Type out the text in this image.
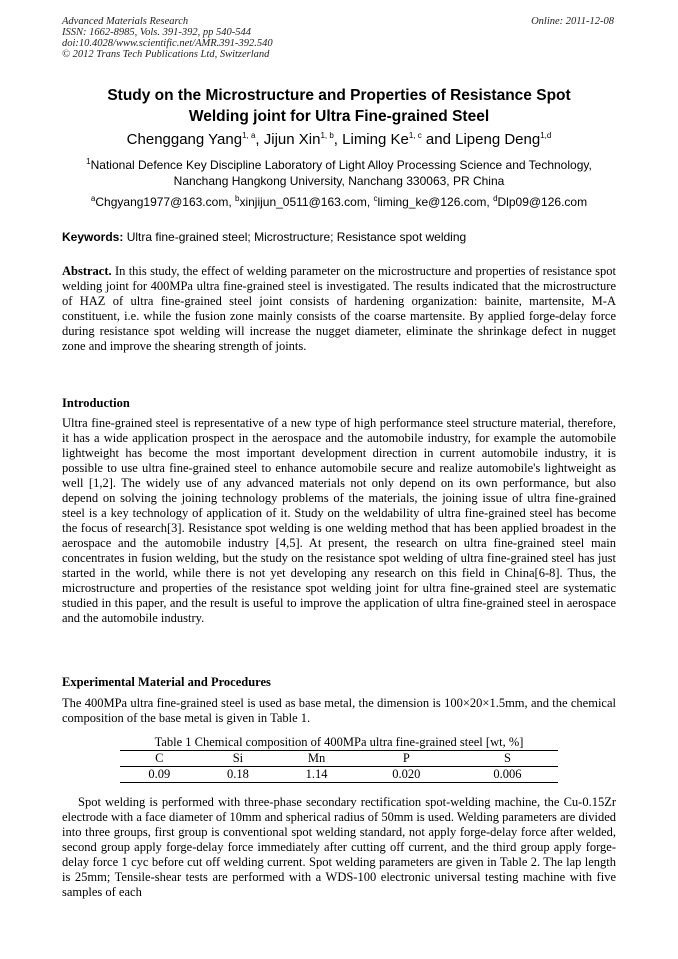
Advanced Materials Research
ISSN: 1662-8985, Vols. 391-392, pp 540-544
doi:10.4028/www.scientific.net/AMR.391-392.540
© 2012 Trans Tech Publications Ltd, Switzerland
Online: 2011-12-08
Study on the Microstructure and Properties of Resistance Spot
Welding joint for Ultra Fine-grained Steel
Chenggang Yang$^{1, a}$, Jijun Xin$^{1, b}$, Liming Ke$^{1, c}$ and Lipeng Deng$^{1,d}$
$^1$National Defence Key Discipline Laboratory of Light Alloy Processing Science and Technology,
Nanchang Hangkong University, Nanchang 330063, PR China
$^a$Chgyang1977@163.com, $^b$xinjijun_0511@163.com, $^c$liming_ke@126.com, $^d$Dlp09@126.com
Keywords: Ultra fine-grained steel; Microstructure; Resistance spot welding
Abstract. In this study, the effect of welding parameter on the microstructure and properties of resistance spot welding joint for 400MPa ultra fine-grained steel is investigated. The results indicated that the microstructure of HAZ of ultra fine-grained steel joint consists of hardening organization: bainite, martensite, M-A constituent, i.e. while the fusion zone mainly consists of the coarse martensite. By applied forge-delay force during resistance spot welding will increase the nugget diameter, eliminate the shrinkage defect in nugget zone and improve the shearing strength of joints.
Introduction
Ultra fine-grained steel is representative of a new type of high performance steel structure material, therefore, it has a wide application prospect in the aerospace and the automobile industry, for example the automobile lightweight has become the most important development direction in current automobile industry, it is possible to use ultra fine-grained steel to enhance automobile secure and realize automobile's lightweight as well [1,2]. The widely use of any advanced materials not only depend on its own performance, but also depend on solving the joining technology problems of the materials, the joining issue of ultra fine-grained steel is a key technology of application of it. Study on the weldability of ultra fine-grained steel has become the focus of research[3]. Resistance spot welding is one welding method that has been applied broadest in the aerospace and the automobile industry [4,5]. At present, the research on ultra fine-grained steel main concentrates in fusion welding, but the study on the resistance spot welding of ultra fine-grained steel has just started in the world, while there is not yet developing any research on this field in China[6-8]. Thus, the microstructure and properties of the resistance spot welding joint for ultra fine-grained steel are systematic studied in this paper, and the result is useful to improve the application of ultra fine-grained steel in aerospace and the automobile industry.
Experimental Material and Procedures
The 400MPa ultra fine-grained steel is used as base metal, the dimension is 100×20×1.5mm, and the chemical composition of the base metal is given in Table 1.
Table 1 Chemical composition of 400MPa ultra fine-grained steel [wt, %]
C	Si	Mn	P	S
0.09	0.18	1.14	0.020	0.006
Spot welding is performed with three-phase secondary rectification spot-welding machine, the Cu-0.15Zr electrode with a face diameter of 10mm and spherical radius of 50mm is used. Welding parameters are divided into three groups, first group is conventional spot welding standard, not apply forge-delay force after welded, second group apply forge-delay force immediately after cutting off current, and the third group apply forge-delay force 1 cyc before cut off welding current. Spot welding parameters are given in Table 2. The lap length is 25mm; Tensile-shear tests are performed with a WDS-100 electronic universal testing machine with five samples of each
